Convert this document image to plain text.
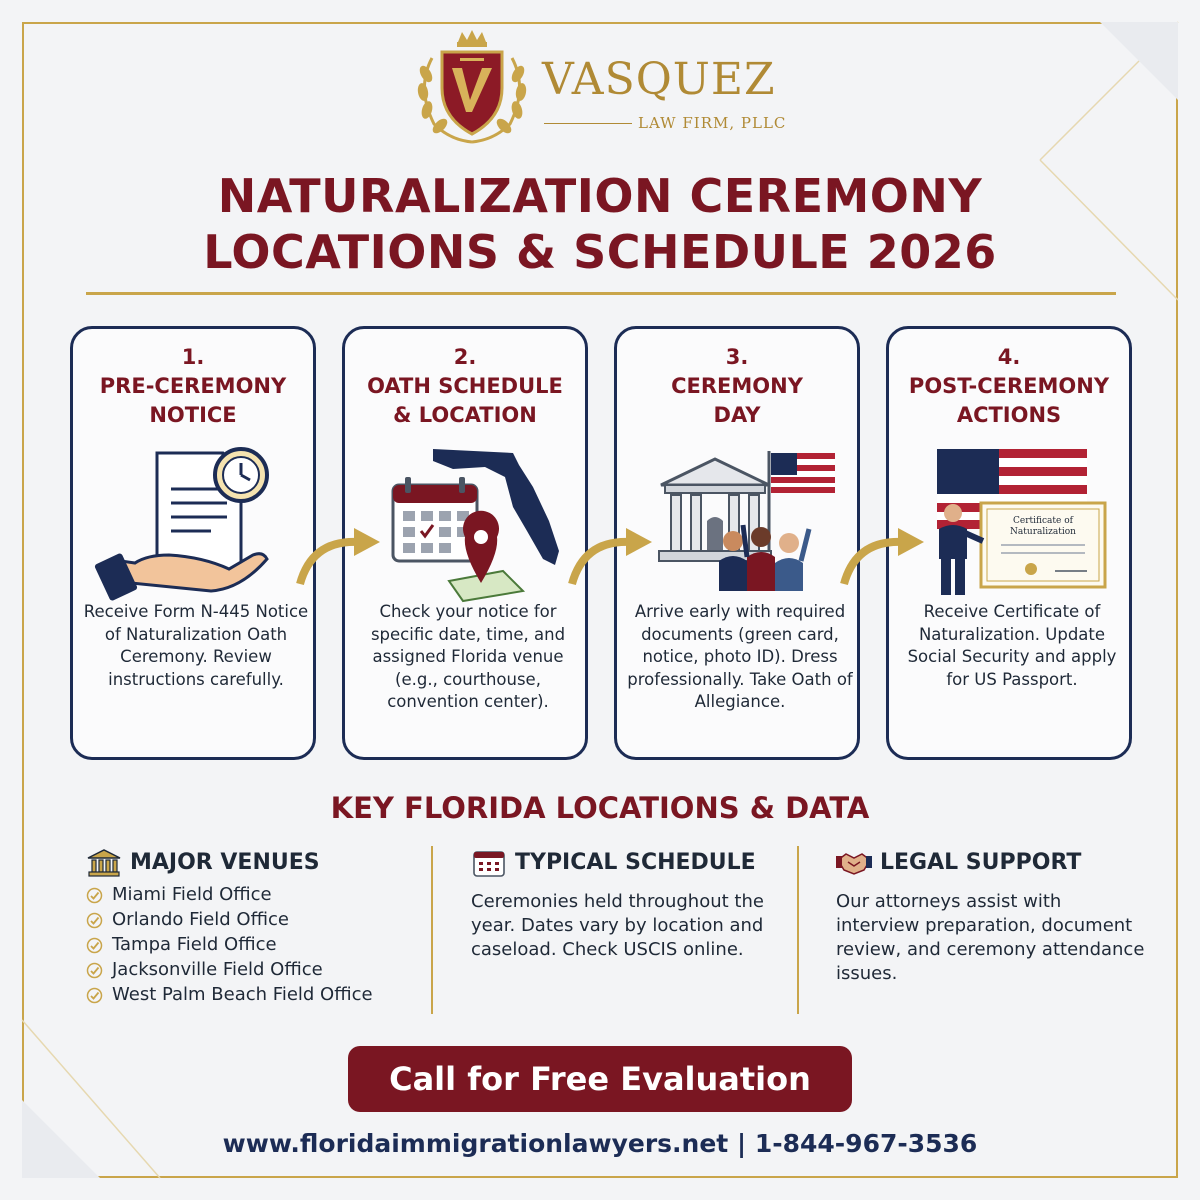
VASQUEZ
LAW FIRM, PLLC
NATURALIZATION CEREMONY
LOCATIONS & SCHEDULE 2026
1.
PRE-CEREMONY
NOTICE
Receive Form N-445 Notice of Naturalization Oath Ceremony. Review instructions carefully.
2.
OATH SCHEDULE
& LOCATION
Check your notice for specific date, time, and assigned Florida venue (e.g., courthouse, convention center).
3.
CEREMONY
DAY
Arrive early with required documents (green card, notice, photo ID). Dress professionally. Take Oath of Allegiance.
4.
POST-CEREMONY
ACTIONS
Certificate of
Naturalization
Receive Certificate of Naturalization. Update Social Security and apply for US Passport.
KEY FLORIDA LOCATIONS & DATA
MAJOR VENUES
Miami Field Office
Orlando Field Office
Tampa Field Office
Jacksonville Field Office
West Palm Beach Field Office
TYPICAL SCHEDULE
Ceremonies held throughout the year. Dates vary by location and caseload. Check USCIS online.
LEGAL SUPPORT
Our attorneys assist with interview preparation, document review, and ceremony attendance issues.
Call for Free Evaluation
www.floridaimmigrationlawyers.net | 1-844-967-3536
